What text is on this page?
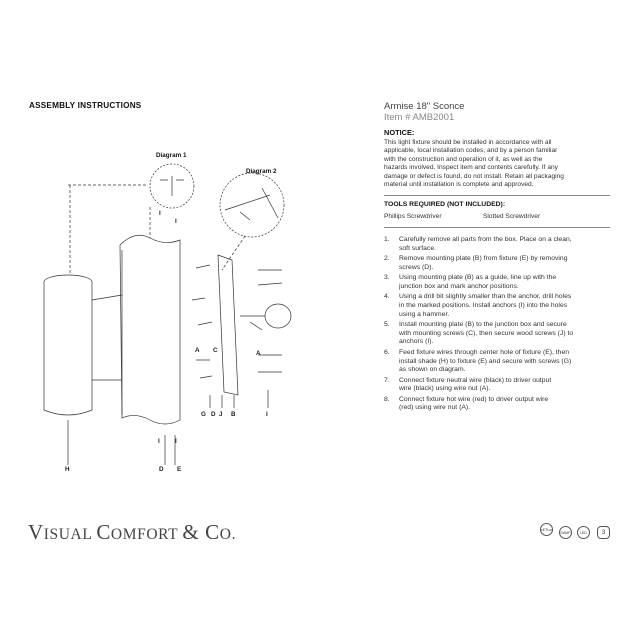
ASSEMBLY INSTRUCTIONS	Armise 18" Sconce
Item # AMB2001
NOTICE:
This light fixture should be installed in accordance with all
applicable, local installation codes, and by a person familiar
with the construction and operation of it, as well as the
hazards involved. Inspect item and contents carefully. If any
damage or defect is found, do not install. Retain all packaging
material until installation is complete and approved.
TOOLS REQUIRED (NOT INCLUDED):
Phillips Screwdriver	Slotted Screwdriver
1. Carefully remove all parts from the box. Place on a clean,
soft surface.
2. Remove mounting plate (B) from fixture (E) by removing
screws (D).
3. Using mounting plate (B) as a guide, line up with the
junction box and mark anchor positions.
4. Using a drill bit slightly smaller than the anchor, drill holes
in the marked positions. Install anchors (I) into the holes
using a hammer.
5. Install mounting plate (B) to the junction box and secure
with mounting screws (C), then secure wood screws (J) to
anchors (I).
6. Feed fixture wires through center hole of fixture (E), then
install shade (H) to fixture (E) and secure with screws (G)
as shown on diagram.
7. Connect fixture neutral wire (black) to driver output
wire (black) using wire nut (A).
8. Connect fixture hot wire (red) to driver output wire
(red) using wire nut (A).
Diagram 1
Diagram 2
I
I
A C	A
G D J B	I
I I
H	D E
VISUAL COMFORT & CO.	cETLus
DAMP	LED	3
